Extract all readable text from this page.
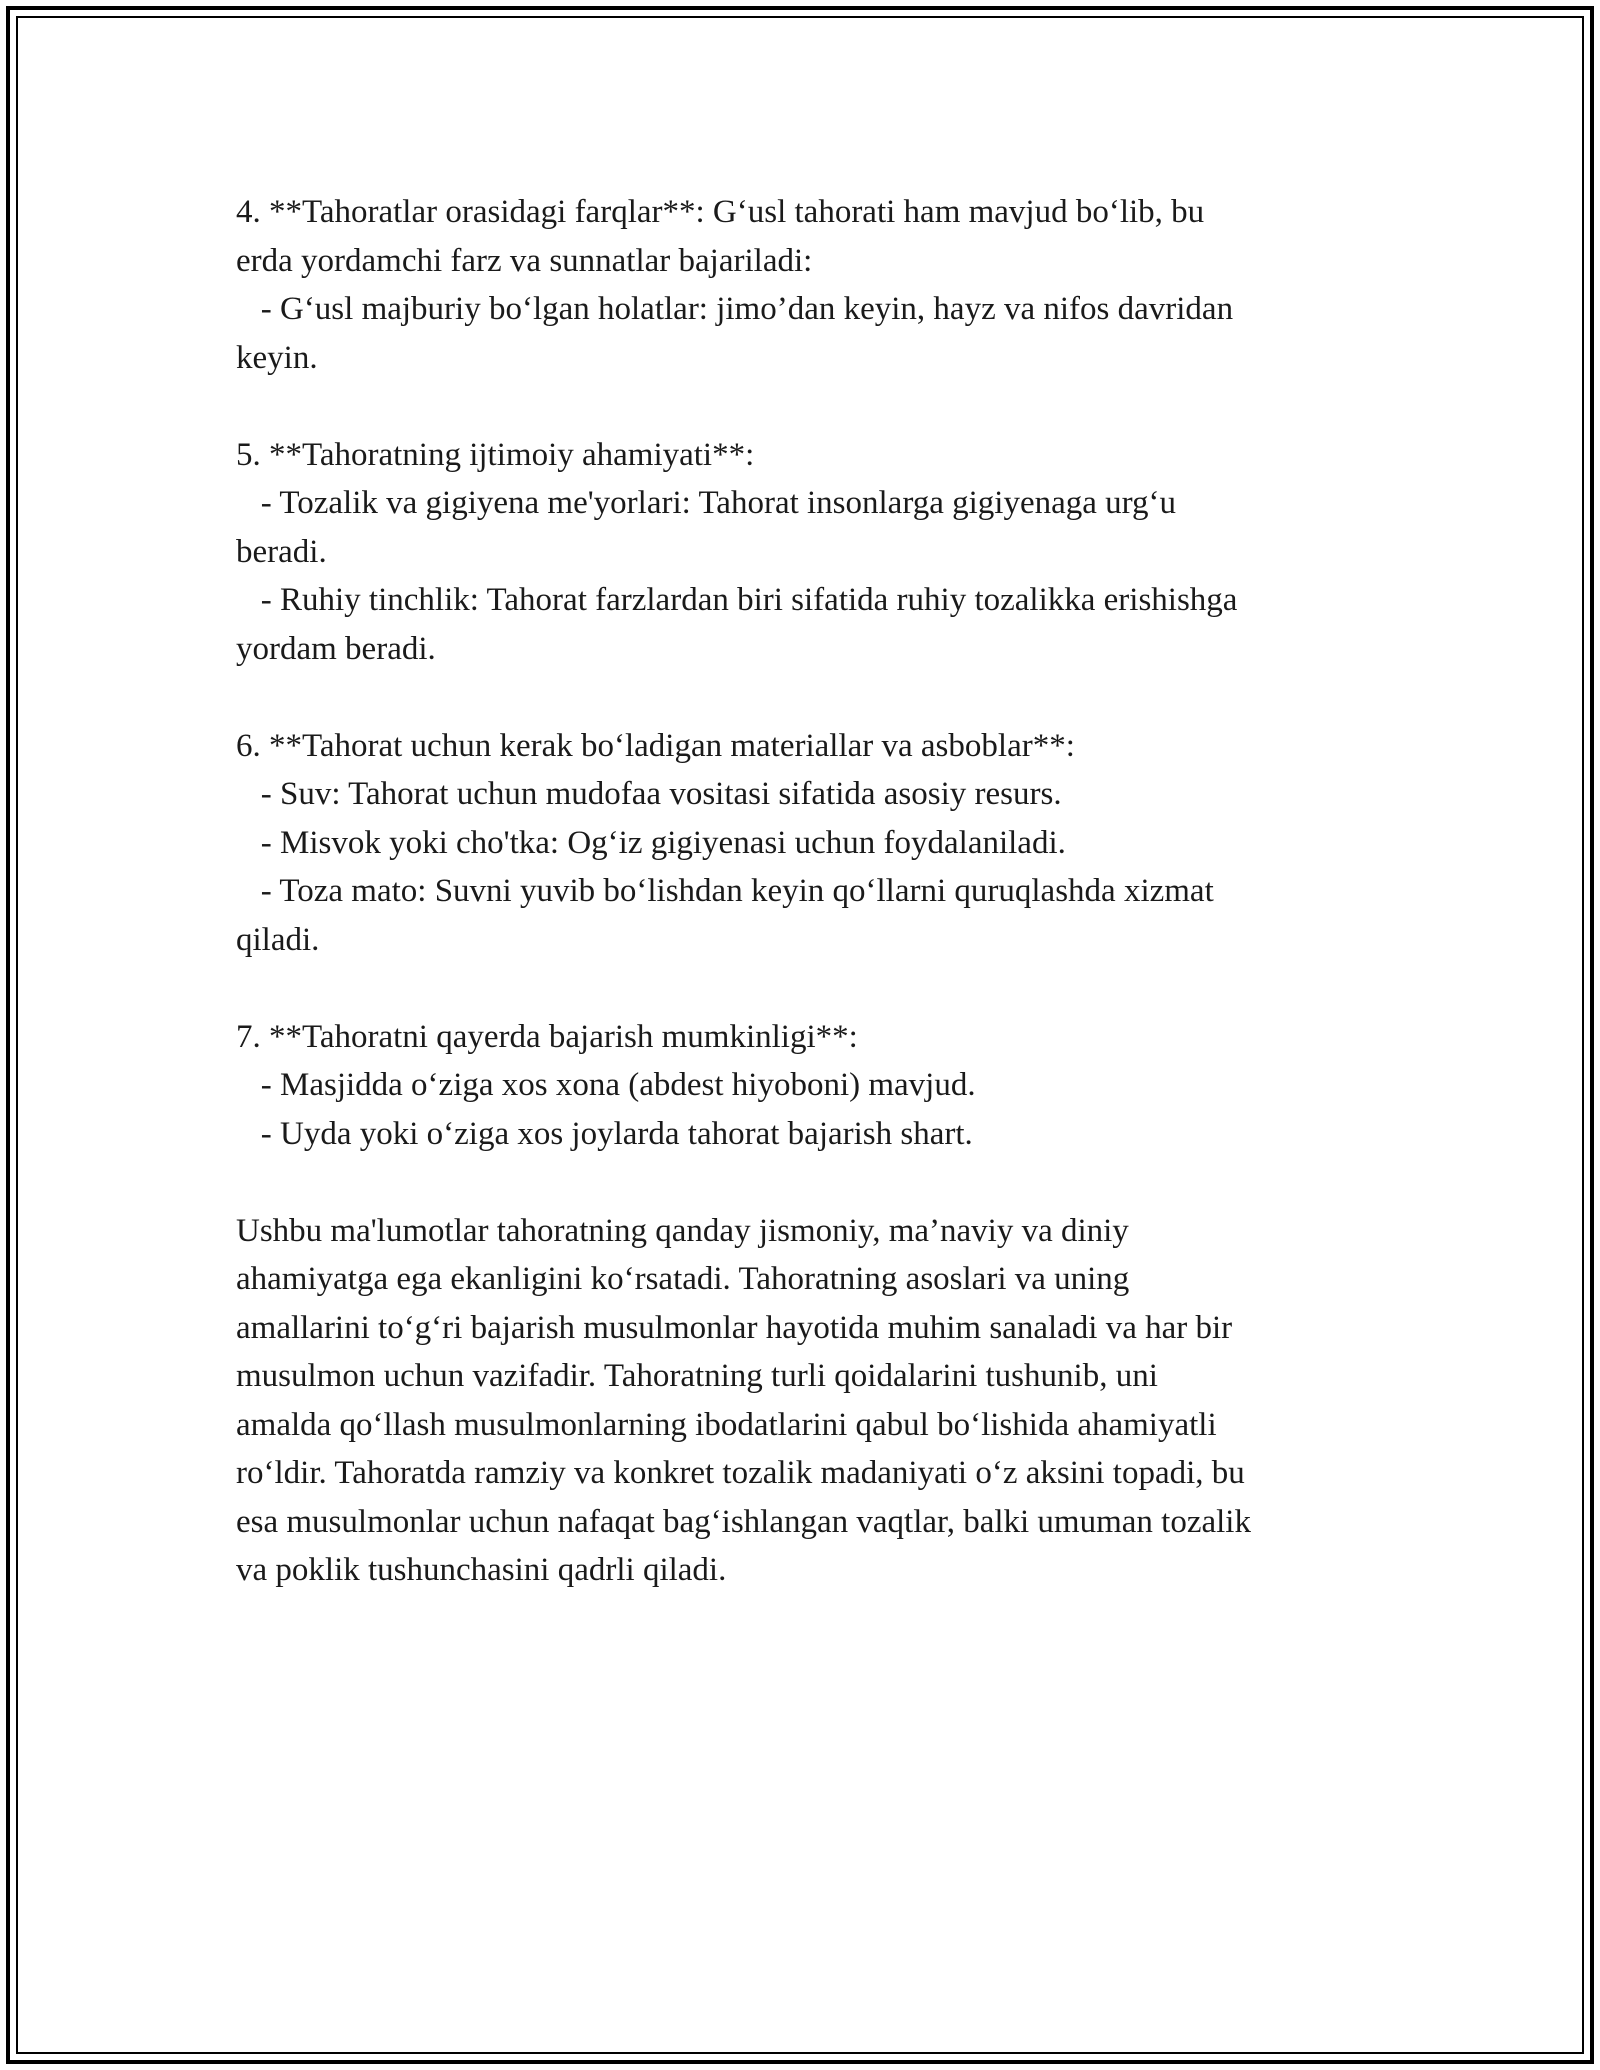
4. **Tahoratlar orasidagi farqlar**: G‘usl tahorati ham mavjud bo‘lib, bu
erda yordamchi farz va sunnatlar bajariladi:
- G‘usl majburiy bo‘lgan holatlar: jimo’dan keyin, hayz va nifos davridan
keyin.
5. **Tahoratning ijtimoiy ahamiyati**:
- Tozalik va gigiyena me'yorlari: Tahorat insonlarga gigiyenaga urg‘u
beradi.
- Ruhiy tinchlik: Tahorat farzlardan biri sifatida ruhiy tozalikka erishishga
yordam beradi.
6. **Tahorat uchun kerak bo‘ladigan materiallar va asboblar**:
- Suv: Tahorat uchun mudofaa vositasi sifatida asosiy resurs.
- Misvok yoki cho'tka: Og‘iz gigiyenasi uchun foydalaniladi.
- Toza mato: Suvni yuvib bo‘lishdan keyin qo‘llarni quruqlashda xizmat
qiladi.
7. **Tahoratni qayerda bajarish mumkinligi**:
- Masjidda o‘ziga xos xona (abdest hiyoboni) mavjud.
- Uyda yoki o‘ziga xos joylarda tahorat bajarish shart.
Ushbu ma'lumotlar tahoratning qanday jismoniy, ma’naviy va diniy
ahamiyatga ega ekanligini ko‘rsatadi. Tahoratning asoslari va uning
amallarini to‘g‘ri bajarish musulmonlar hayotida muhim sanaladi va har bir
musulmon uchun vazifadir. Tahoratning turli qoidalarini tushunib, uni
amalda qo‘llash musulmonlarning ibodatlarini qabul bo‘lishida ahamiyatli
ro‘ldir. Tahoratda ramziy va konkret tozalik madaniyati o‘z aksini topadi, bu
esa musulmonlar uchun nafaqat bag‘ishlangan vaqtlar, balki umuman tozalik
va poklik tushunchasini qadrli qiladi.
